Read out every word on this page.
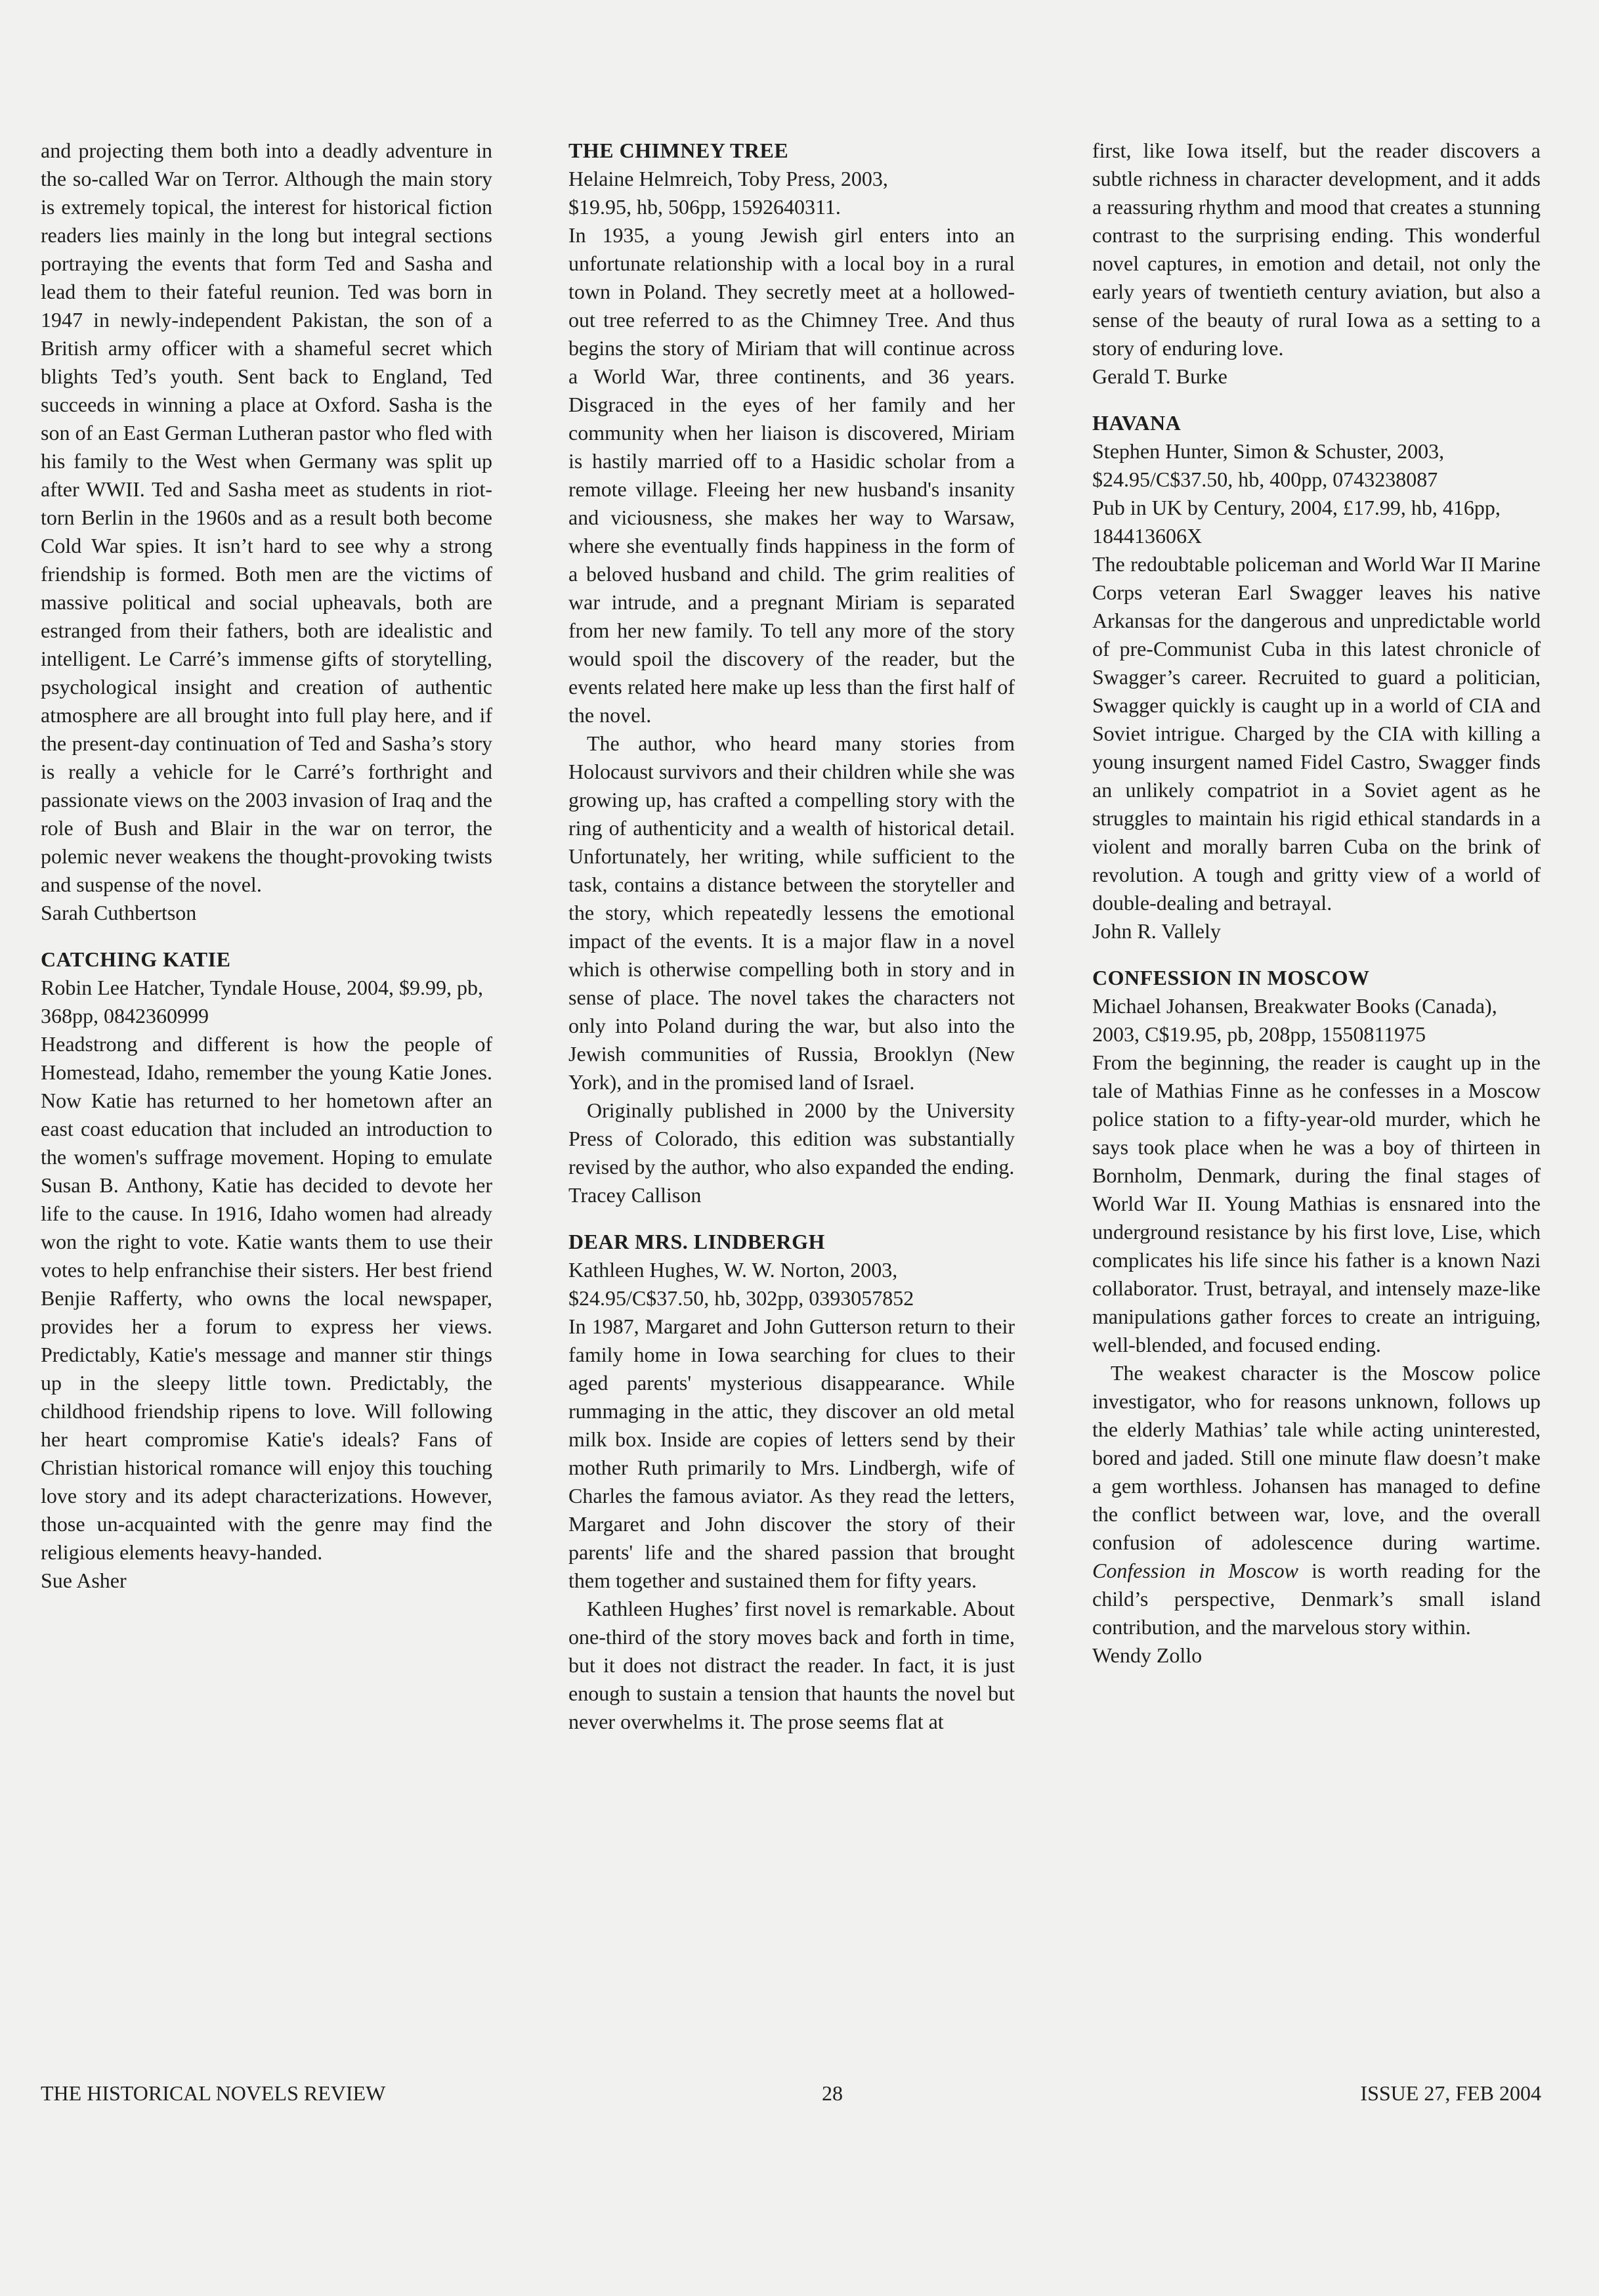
and projecting them both into a deadly adventure in the so-called War on Terror. Although the main story is extremely topical, the interest for historical fiction readers lies mainly in the long but integral sections portraying the events that form Ted and Sasha and lead them to their fateful reunion. Ted was born in 1947 in newly-independent Pakistan, the son of a British army officer with a shameful secret which blights Ted’s youth. Sent back to England, Ted succeeds in winning a place at Oxford. Sasha is the son of an East German Lutheran pastor who fled with his family to the West when Germany was split up after WWII. Ted and Sasha meet as students in riot-torn Berlin in the 1960s and as a result both become Cold War spies. It isn’t hard to see why a strong friendship is formed. Both men are the victims of massive political and social upheavals, both are estranged from their fathers, both are idealistic and intelligent. Le Carré’s immense gifts of storytelling, psychological insight and creation of authentic atmosphere are all brought into full play here, and if the present-day continuation of Ted and Sasha’s story is really a vehicle for le Carré’s forthright and passionate views on the 2003 invasion of Iraq and the role of Bush and Blair in the war on terror, the polemic never weakens the thought-provoking twists and suspense of the novel.

Sarah Cuthbertson

CATCHING KATIE

Robin Lee Hatcher, Tyndale House, 2004, $9.99, pb, 368pp, 0842360999

Headstrong and different is how the people of Homestead, Idaho, remember the young Katie Jones. Now Katie has returned to her hometown after an east coast education that included an introduction to the women's suffrage movement. Hoping to emulate Susan B. Anthony, Katie has decided to devote her life to the cause. In 1916, Idaho women had already won the right to vote. Katie wants them to use their votes to help enfranchise their sisters. Her best friend Benjie Rafferty, who owns the local newspaper, provides her a forum to express her views. Predictably, Katie's message and manner stir things up in the sleepy little town. Predictably, the childhood friendship ripens to love. Will following her heart compromise Katie's ideals? Fans of Christian historical romance will enjoy this touching love story and its adept characterizations. However, those un-acquainted with the genre may find the religious elements heavy-handed.

Sue Asher

THE CHIMNEY TREE

Helaine Helmreich, Toby Press, 2003,

$19.95, hb, 506pp, 1592640311.

In 1935, a young Jewish girl enters into an unfortunate relationship with a local boy in a rural town in Poland. They secretly meet at a hollowed-out tree referred to as the Chimney Tree. And thus begins the story of Miriam that will continue across a World War, three continents, and 36 years. Disgraced in the eyes of her family and her community when her liaison is discovered, Miriam is hastily married off to a Hasidic scholar from a remote village. Fleeing her new husband's insanity and viciousness, she makes her way to Warsaw, where she eventually finds happiness in the form of a beloved husband and child. The grim realities of war intrude, and a pregnant Miriam is separated from her new family. To tell any more of the story would spoil the discovery of the reader, but the events related here make up less than the first half of the novel.

The author, who heard many stories from Holocaust survivors and their children while she was growing up, has crafted a compelling story with the ring of authenticity and a wealth of historical detail. Unfortunately, her writing, while sufficient to the task, contains a distance between the storyteller and the story, which repeatedly lessens the emotional impact of the events. It is a major flaw in a novel which is otherwise compelling both in story and in sense of place. The novel takes the characters not only into Poland during the war, but also into the Jewish communities of Russia, Brooklyn (New York), and in the promised land of Israel.

Originally published in 2000 by the University Press of Colorado, this edition was substantially revised by the author, who also expanded the ending.

Tracey Callison

DEAR MRS. LINDBERGH

Kathleen Hughes, W. W. Norton, 2003,

$24.95/C$37.50, hb, 302pp, 0393057852

In 1987, Margaret and John Gutterson return to their family home in Iowa searching for clues to their aged parents' mysterious disappearance. While rummaging in the attic, they discover an old metal milk box. Inside are copies of letters send by their mother Ruth primarily to Mrs. Lindbergh, wife of Charles the famous aviator. As they read the letters, Margaret and John discover the story of their parents' life and the shared passion that brought them together and sustained them for fifty years.

Kathleen Hughes’ first novel is remarkable. About one-third of the story moves back and forth in time, but it does not distract the reader. In fact, it is just enough to sustain a tension that haunts the novel but never overwhelms it. The prose seems flat at

first, like Iowa itself, but the reader discovers a subtle richness in character development, and it adds a reassuring rhythm and mood that creates a stunning contrast to the surprising ending. This wonderful novel captures, in emotion and detail, not only the early years of twentieth century aviation, but also a sense of the beauty of rural Iowa as a setting to a story of enduring love.

Gerald T. Burke

HAVANA

Stephen Hunter, Simon & Schuster, 2003, $24.95/C$37.50, hb, 400pp, 0743238087

Pub in UK by Century, 2004, £17.99, hb, 416pp, 184413606X

The redoubtable policeman and World War II Marine Corps veteran Earl Swagger leaves his native Arkansas for the dangerous and unpredictable world of pre-Communist Cuba in this latest chronicle of Swagger’s career. Recruited to guard a politician, Swagger quickly is caught up in a world of CIA and Soviet intrigue. Charged by the CIA with killing a young insurgent named Fidel Castro, Swagger finds an unlikely compatriot in a Soviet agent as he struggles to maintain his rigid ethical standards in a violent and morally barren Cuba on the brink of revolution. A tough and gritty view of a world of double-dealing and betrayal.

John R. Vallely

CONFESSION IN MOSCOW

Michael Johansen, Breakwater Books (Canada), 2003, C$19.95, pb, 208pp, 1550811975

From the beginning, the reader is caught up in the tale of Mathias Finne as he confesses in a Moscow police station to a fifty-year-old murder, which he says took place when he was a boy of thirteen in Bornholm, Denmark, during the final stages of World War II. Young Mathias is ensnared into the underground resistance by his first love, Lise, which complicates his life since his father is a known Nazi collaborator. Trust, betrayal, and intensely maze-like manipulations gather forces to create an intriguing, well-blended, and focused ending.

The weakest character is the Moscow police investigator, who for reasons unknown, follows up the elderly Mathias’ tale while acting uninterested, bored and jaded. Still one minute flaw doesn’t make a gem worthless. Johansen has managed to define the conflict between war, love, and the overall confusion of adolescence during wartime. Confession in Moscow is worth reading for the child’s perspective, Denmark’s small island contribution, and the marvelous story within.

Wendy Zollo

THE HISTORICAL NOVELS REVIEW	28	ISSUE 27, FEB 2004
